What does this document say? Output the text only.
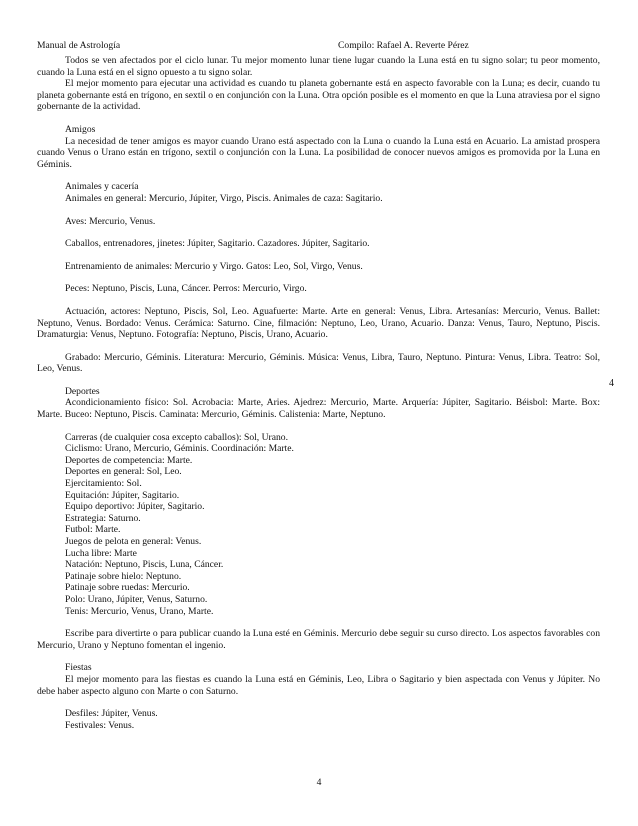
Manual de Astrología	Compilo: Rafael A. Reverte Pérez
4

Todos se ven afectados por el ciclo lunar. Tu mejor momento lunar tiene lugar cuando la Luna está en tu signo solar; tu peor momento, cuando la Luna está en el signo opuesto a tu signo solar.

El mejor momento para ejecutar una actividad es cuando tu planeta gobernante está en aspecto favorable con la Luna; es decir, cuando tu planeta gobernante está en trígono, en sextil o en conjunción con la Luna. Otra opción posible es el momento en que la Luna atraviesa por el signo gobernante de la actividad.

Amigos

La necesidad de tener amigos es mayor cuando Urano está aspectado con la Luna o cuando la Luna está en Acuario. La amistad prospera cuando Venus o Urano están en trígono, sextil o conjunción con la Luna. La posibilidad de conocer nuevos amigos es promovida por la Luna en Géminis.

Animales y cacería

Animales en general: Mercurio, Júpiter, Virgo, Piscis. Animales de caza: Sagitario.

Aves: Mercurio, Venus.

Caballos, entrenadores, jinetes: Júpiter, Sagitario. Cazadores. Júpiter, Sagitario.

Entrenamiento de animales: Mercurio y Virgo. Gatos: Leo, Sol, Virgo, Venus.

Peces: Neptuno, Piscis, Luna, Cáncer. Perros: Mercurio, Virgo.

Actuación, actores: Neptuno, Piscis, Sol, Leo. Aguafuerte: Marte. Arte en general: Venus, Libra. Artesanías: Mercurio, Venus. Ballet: Neptuno, Venus. Bordado: Venus. Cerámica: Saturno. Cine, filmación: Neptuno, Leo, Urano, Acuario. Danza: Venus, Tauro, Neptuno, Piscis. Dramaturgia: Venus, Neptuno. Fotografía: Neptuno, Piscis, Urano, Acuario.

Grabado: Mercurio, Géminis. Literatura: Mercurio, Géminis. Música: Venus, Libra, Tauro, Neptuno. Pintura: Venus, Libra. Teatro: Sol, Leo, Venus.

Deportes

Acondicionamiento físico: Sol. Acrobacia: Marte, Aries. Ajedrez: Mercurio, Marte. Arquería: Júpiter, Sagitario. Béisbol: Marte. Box: Marte. Buceo: Neptuno, Piscis. Caminata: Mercurio, Géminis. Calistenia: Marte, Neptuno.

Carreras (de cualquier cosa excepto caballos): Sol, Urano.

Ciclismo: Urano, Mercurio, Géminis. Coordinación: Marte.

Deportes de competencia: Marte.

Deportes en general: Sol, Leo.

Ejercitamiento: Sol.

Equitación: Júpiter, Sagitario.

Equipo deportivo: Júpiter, Sagitario.

Estrategia: Saturno.

Futbol: Marte.

Juegos de pelota en general: Venus.

Lucha libre: Marte

Natación: Neptuno, Piscis, Luna, Cáncer.

Patinaje sobre hielo: Neptuno.

Patinaje sobre ruedas: Mercurio.

Polo: Urano, Júpiter, Venus, Saturno.

Tenis: Mercurio, Venus, Urano, Marte.

Escribe para divertirte o para publicar cuando la Luna esté en Géminis. Mercurio debe seguir su curso directo. Los aspectos favorables con Mercurio, Urano y Neptuno fomentan el ingenio.

Fiestas

El mejor momento para las fiestas es cuando la Luna está en Géminis, Leo, Libra o Sagitario y bien aspectada con Venus y Júpiter. No debe haber aspecto alguno con Marte o con Saturno.

Desfiles: Júpiter, Venus.

Festivales: Venus.

4
